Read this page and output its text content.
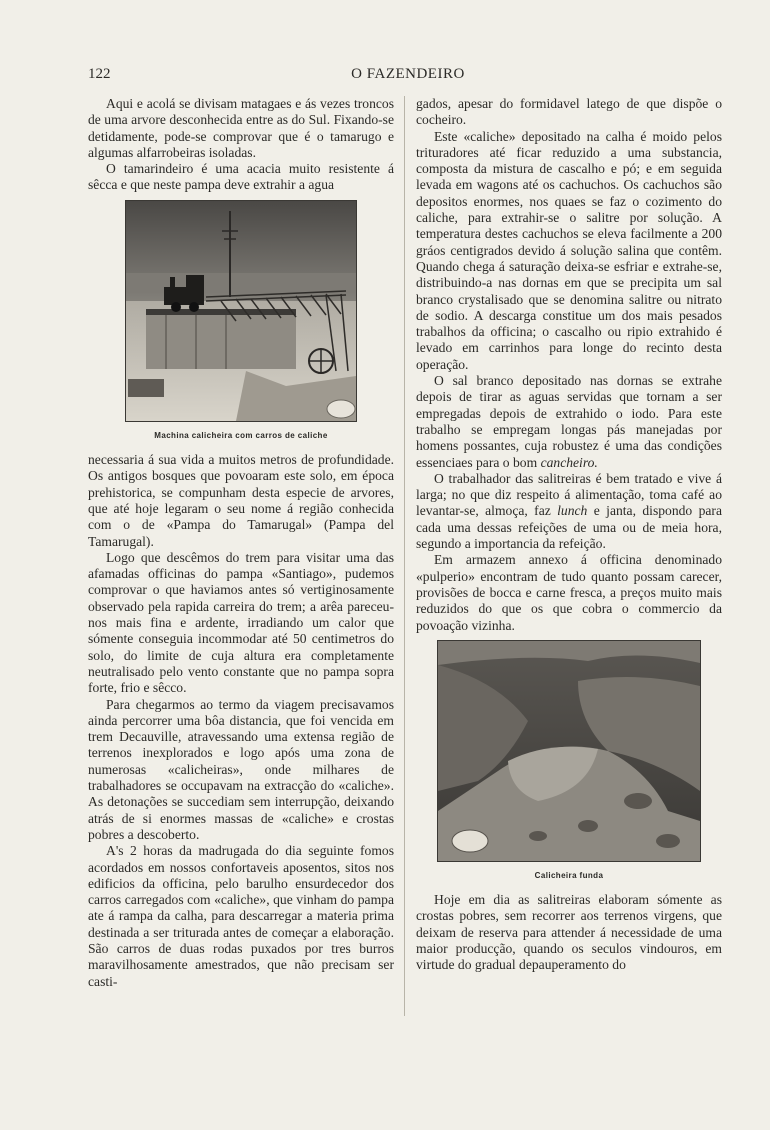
122	O FAZENDEIRO

Aqui e acolá se divisam matagaes e ás vezes troncos de uma arvore desconhecida entre as do Sul. Fixando-se detidamente, pode-se comprovar que é o tamarugo e algumas alfarrobeiras isoladas.

O tamarindeiro é uma acacia muito resistente á sêcca e que neste pampa deve extrahir a agua

Machina calicheira com carros de caliche

necessaria á sua vida a muitos metros de profundidade. Os antigos bosques que povoaram este solo, em época prehistorica, se compunham desta especie de arvores, que até hoje legaram o seu nome á região conhecida com o de «Pampa do Tamarugal» (Pampa del Tamarugal).

Logo que descêmos do trem para visitar uma das afamadas officinas do pampa «Santiago», pudemos comprovar o que haviamos antes só vertiginosamente observado pela rapida carreira do trem; a arêa pareceu-nos mais fina e ardente, irradiando um calor que sómente conseguia incommodar até 50 centimetros do solo, do limite de cuja altura era completamente neutralisado pelo vento constante que no pampa sopra forte, frio e sêcco.

Para chegarmos ao termo da viagem precisavamos ainda percorrer uma bôa distancia, que foi vencida em trem Decauville, atravessando uma extensa região de terrenos inexplorados e logo após uma zona de numerosas «calicheiras», onde milhares de trabalhadores se occupavam na extracção do «caliche». As detonações se succediam sem interrupção, deixando atrás de si enormes massas de «caliche» e crostas pobres a descoberto.

A's 2 horas da madrugada do dia seguinte fomos acordados em nossos confortaveis aposentos, sitos nos edificios da officina, pelo barulho ensurdecedor dos carros carregados com «caliche», que vinham do pampa ate á rampa da calha, para descarregar a materia prima destinada a ser triturada antes de começar a elaboração. São carros de duas rodas puxados por tres burros maravilhosamente amestrados, que não precisam ser casti-

gados, apesar do formidavel latego de que dispõe o cocheiro.

Este «caliche» depositado na calha é moido pelos trituradores até ficar reduzido a uma substancia, composta da mistura de cascalho e pó; e em seguida levada em wagons até os cachuchos. Os cachuchos são depositos enormes, nos quaes se faz o cozimento do caliche, para extrahir-se o salitre por solução. A temperatura destes cachuchos se eleva facilmente a 200 gráos centigrados devido á solução salina que contêm. Quando chega á saturação deixa-se esfriar e extrahe-se, distribuindo-a nas dornas em que se precipita um sal branco crystalisado que se denomina salitre ou nitrato de sodio. A descarga constitue um dos mais pesados trabalhos da officina; o cascalho ou ripio extrahido é levado em carrinhos para longe do recinto desta operação.

O sal branco depositado nas dornas se extrahe depois de tirar as aguas servidas que tornam a ser empregadas depois de extrahido o iodo. Para este trabalho se empregam longas pás manejadas por homens possantes, cuja robustez é uma das condições essenciaes para o bom cancheiro.

O trabalhador das salitreiras é bem tratado e vive á larga; no que diz respeito á alimentação, toma café ao levantar-se, almoça, faz lunch e janta, dispondo para cada uma dessas refeições de uma ou de meia hora, segundo a importancia da refeição.

Em armazem annexo á officina denominado «pulperio» encontram de tudo quanto possam carecer, provisões de bocca e carne fresca, a preços muito mais reduzidos do que os que cobra o commercio da povoação vizinha.

Calicheira funda

Hoje em dia as salitreiras elaboram sómente as crostas pobres, sem recorrer aos terrenos virgens, que deixam de reserva para attender á necessidade de uma maior producção, quando os seculos vindouros, em virtude do gradual depauperamento do
